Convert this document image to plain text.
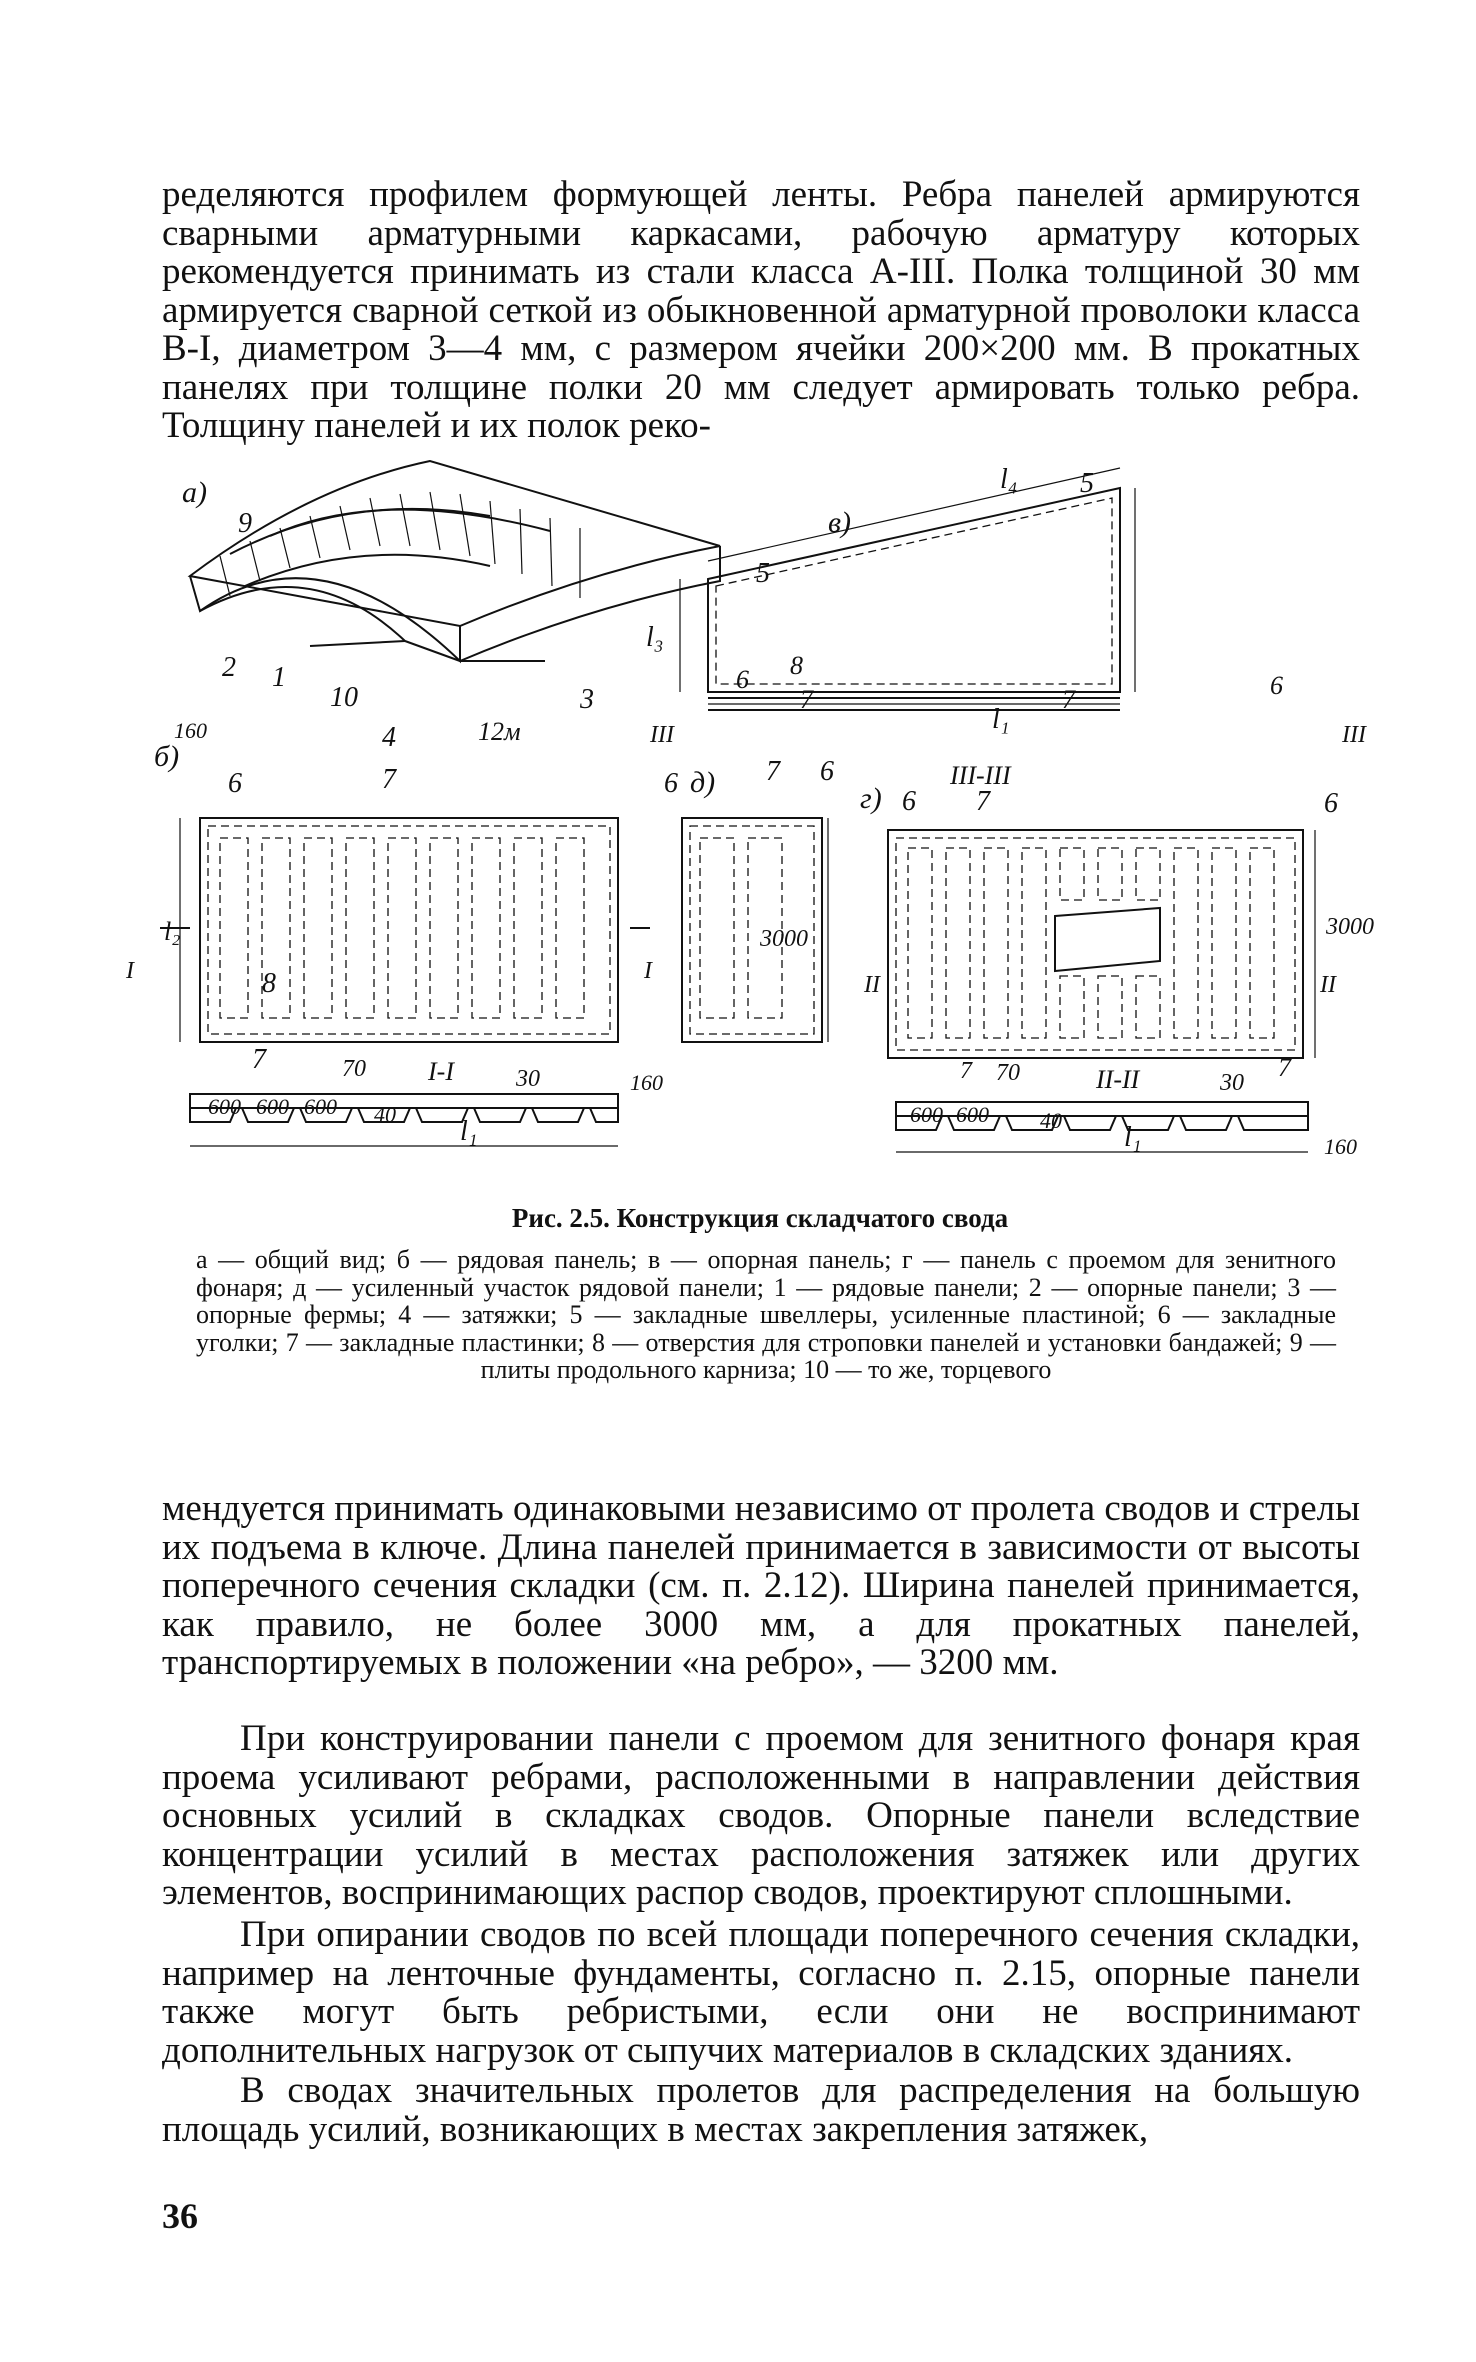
ределяются профилем формующей ленты. Ребра панелей армируются сварными арматурными каркасами, рабочую арматуру которых рекомендуется принимать из стали класса А-III. Полка толщиной 30 мм армируется сварной сеткой из обыкновенной арматурной проволоки класса В-I, диаметром 3—4 мм, с размером ячейки 200×200 мм. В прокатных панелях при толщине полки 20 мм следует армировать только ребра. Толщину панелей и их полок реко-

а)
в)
б)
д)	г)
9
2 1
10
4
3
12м
5
5
l₄
l₃
l₁
III-III
III	III
7	7
8
6	6
6	7	6	7 6
8
7
l₂
I	I
3000
70 I-I	30	160
600 600 600 40
l₁
6 7	6
3000
II	II
7 70	II-II	30
7
600 600 40
l₁	160
160

Рис. 2.5. Конструкция складчатого свода

а — общий вид; б — рядовая панель; в — опорная панель; г — панель с проемом для зенитного фонаря; д — усиленный участок рядовой панели; 1 — рядовые панели; 2 — опорные панели; 3 — опорные фермы; 4 — затяжки; 5 — закладные швеллеры, усиленные пластиной; 6 — закладные уголки; 7 — закладные пластинки; 8 — отверстия для строповки панелей и установки бандажей; 9 — плиты продольного карниза; 10 — то же, торцевого

мендуется принимать одинаковыми независимо от пролета сводов и стрелы их подъема в ключе. Длина панелей принимается в зависимости от высоты поперечного сечения складки (см. п. 2.12). Ширина панелей принимается, как правило, не более 3000 мм, а для прокатных панелей, транспортируемых в положении «на ребро», — 3200 мм.

При конструировании панели с проемом для зенитного фонаря края проема усиливают ребрами, расположенными в направлении действия основных усилий в складках сводов. Опорные панели вследствие концентрации усилий в местах расположения затяжек или других элементов, воспринимающих распор сводов, проектируют сплошными.

При опирании сводов по всей площади поперечного сечения складки, например на ленточные фундаменты, согласно п. 2.15, опорные панели также могут быть ребристыми, если они не воспринимают дополнительных нагрузок от сыпучих материалов в складских зданиях.

В сводах значительных пролетов для распределения на большую площадь усилий, возникающих в местах закрепления затяжек,

36
